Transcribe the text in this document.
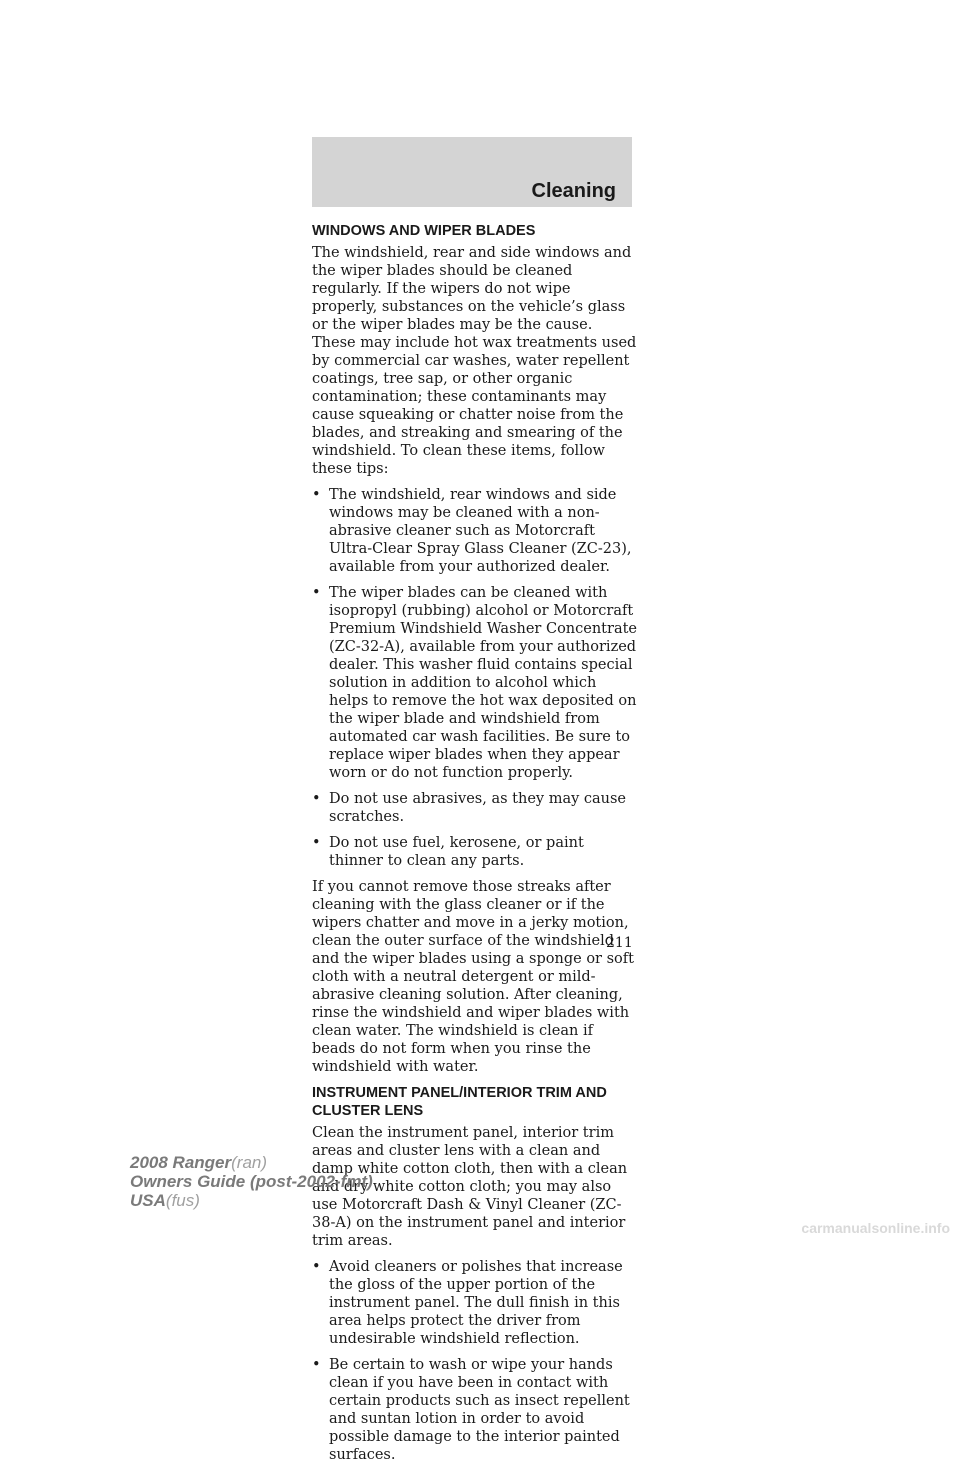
Cleaning
WINDOWS AND WIPER BLADES

The windshield, rear and side windows and the wiper blades should be cleaned regularly. If the wipers do not wipe properly, substances on the vehicle’s glass or the wiper blades may be the cause. These may include hot wax treatments used by commercial car washes, water repellent coatings, tree sap, or other organic contamination; these contaminants may cause squeaking or chatter noise from the blades, and streaking and smearing of the windshield. To clean these items, follow these tips:

• The windshield, rear windows and side windows may be cleaned with a non-abrasive cleaner such as Motorcraft Ultra-Clear Spray Glass Cleaner (ZC-23), available from your authorized dealer.
• The wiper blades can be cleaned with isopropyl (rubbing) alcohol or Motorcraft Premium Windshield Washer Concentrate (ZC-32-A), available from your authorized dealer. This washer fluid contains special solution in addition to alcohol which helps to remove the hot wax deposited on the wiper blade and windshield from automated car wash facilities. Be sure to replace wiper blades when they appear worn or do not function properly.
• Do not use abrasives, as they may cause scratches.
• Do not use fuel, kerosene, or paint thinner to clean any parts.

If you cannot remove those streaks after cleaning with the glass cleaner or if the wipers chatter and move in a jerky motion, clean the outer surface of the windshield and the wiper blades using a sponge or soft cloth with a neutral detergent or mild-abrasive cleaning solution. After cleaning, rinse the windshield and wiper blades with clean water. The windshield is clean if beads do not form when you rinse the windshield with water.

INSTRUMENT PANEL/INTERIOR TRIM AND CLUSTER LENS

Clean the instrument panel, interior trim areas and cluster lens with a clean and damp white cotton cloth, then with a clean and dry white cotton cloth; you may also use Motorcraft Dash & Vinyl Cleaner (ZC-38-A) on the instrument panel and interior trim areas.

• Avoid cleaners or polishes that increase the gloss of the upper portion of the instrument panel. The dull finish in this area helps protect the driver from undesirable windshield reflection.
• Be certain to wash or wipe your hands clean if you have been in contact with certain products such as insect repellent and suntan lotion in order to avoid possible damage to the interior painted surfaces.
211
2008 Ranger(ran)
Owners Guide (post-2002-fmt)
USA(fus)
carmanualsonline.info
